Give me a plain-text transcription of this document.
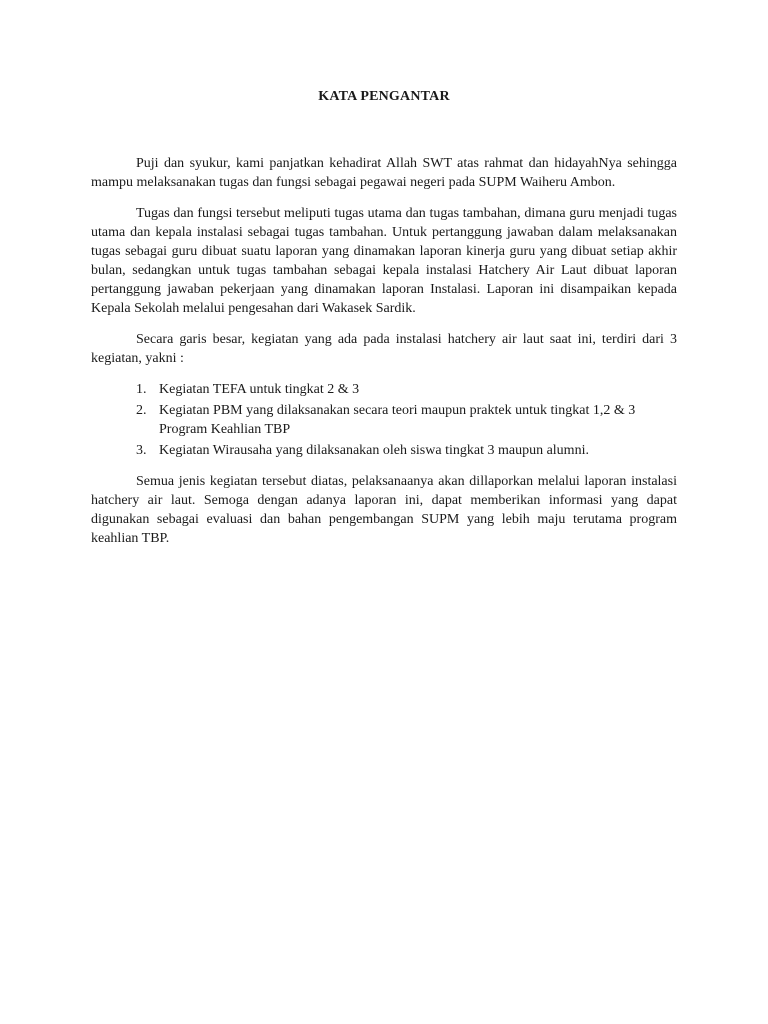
KATA PENGANTAR

Puji dan syukur, kami panjatkan kehadirat Allah SWT atas rahmat dan hidayahNya sehingga mampu melaksanakan tugas dan fungsi sebagai pegawai negeri pada SUPM Waiheru Ambon.

Tugas dan fungsi tersebut meliputi tugas utama dan tugas tambahan, dimana guru menjadi tugas utama dan kepala instalasi sebagai tugas tambahan. Untuk pertanggung jawaban dalam melaksanakan tugas sebagai guru dibuat suatu laporan yang dinamakan laporan kinerja guru yang dibuat setiap akhir bulan, sedangkan untuk tugas tambahan sebagai kepala instalasi Hatchery Air Laut dibuat laporan pertanggung jawaban pekerjaan yang dinamakan laporan Instalasi. Laporan ini disampaikan kepada Kepala Sekolah melalui pengesahan dari Wakasek Sardik.

Secara garis besar, kegiatan yang ada pada instalasi hatchery air laut saat ini, terdiri dari 3 kegiatan, yakni :

1. Kegiatan TEFA untuk tingkat 2 & 3
2. Kegiatan PBM yang dilaksanakan secara teori maupun praktek untuk tingkat 1,2 & 3 Program Keahlian TBP
3. Kegiatan Wirausaha yang dilaksanakan oleh siswa tingkat 3 maupun alumni.

Semua jenis kegiatan tersebut diatas, pelaksanaanya akan dillaporkan melalui laporan instalasi hatchery air laut. Semoga dengan adanya laporan ini, dapat memberikan informasi yang dapat digunakan sebagai evaluasi dan bahan pengembangan SUPM yang lebih maju terutama program keahlian TBP.
